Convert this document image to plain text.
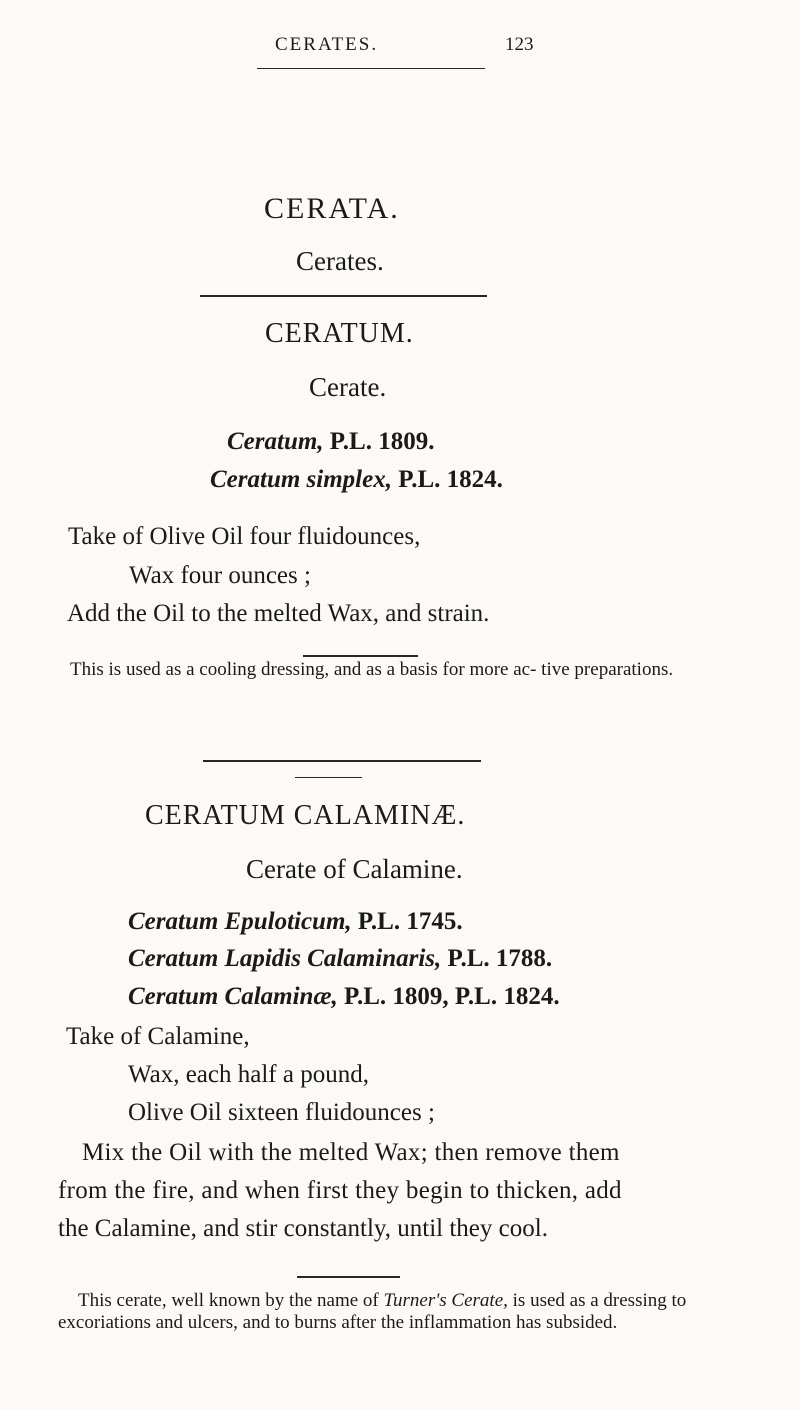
CERATES.	123
CERATA.
Cerates.
CERATUM.
Cerate.
Ceratum, P.L. 1809.
Ceratum simplex, P.L. 1824.
Take of Olive Oil four fluidounces,
Wax four ounces ;
Add the Oil to the melted Wax, and strain.
This is used as a cooling dressing, and as a basis for more ac- tive preparations.
CERATUM CALAMINÆ.
Cerate of Calamine.
Ceratum Epuloticum, P.L. 1745.
Ceratum Lapidis Calaminaris, P.L. 1788.
Ceratum Calaminæ, P.L. 1809, P.L. 1824.
Take of Calamine,
Wax, each half a pound,
Olive Oil sixteen fluidounces ;
Mix the Oil with the melted Wax; then remove them
from the fire, and when first they begin to thicken, add
the Calamine, and stir constantly, until they cool.
This cerate, well known by the name of Turner's Cerate, is used as a dressing to excoriations and ulcers, and to burns after the inflammation has subsided.
